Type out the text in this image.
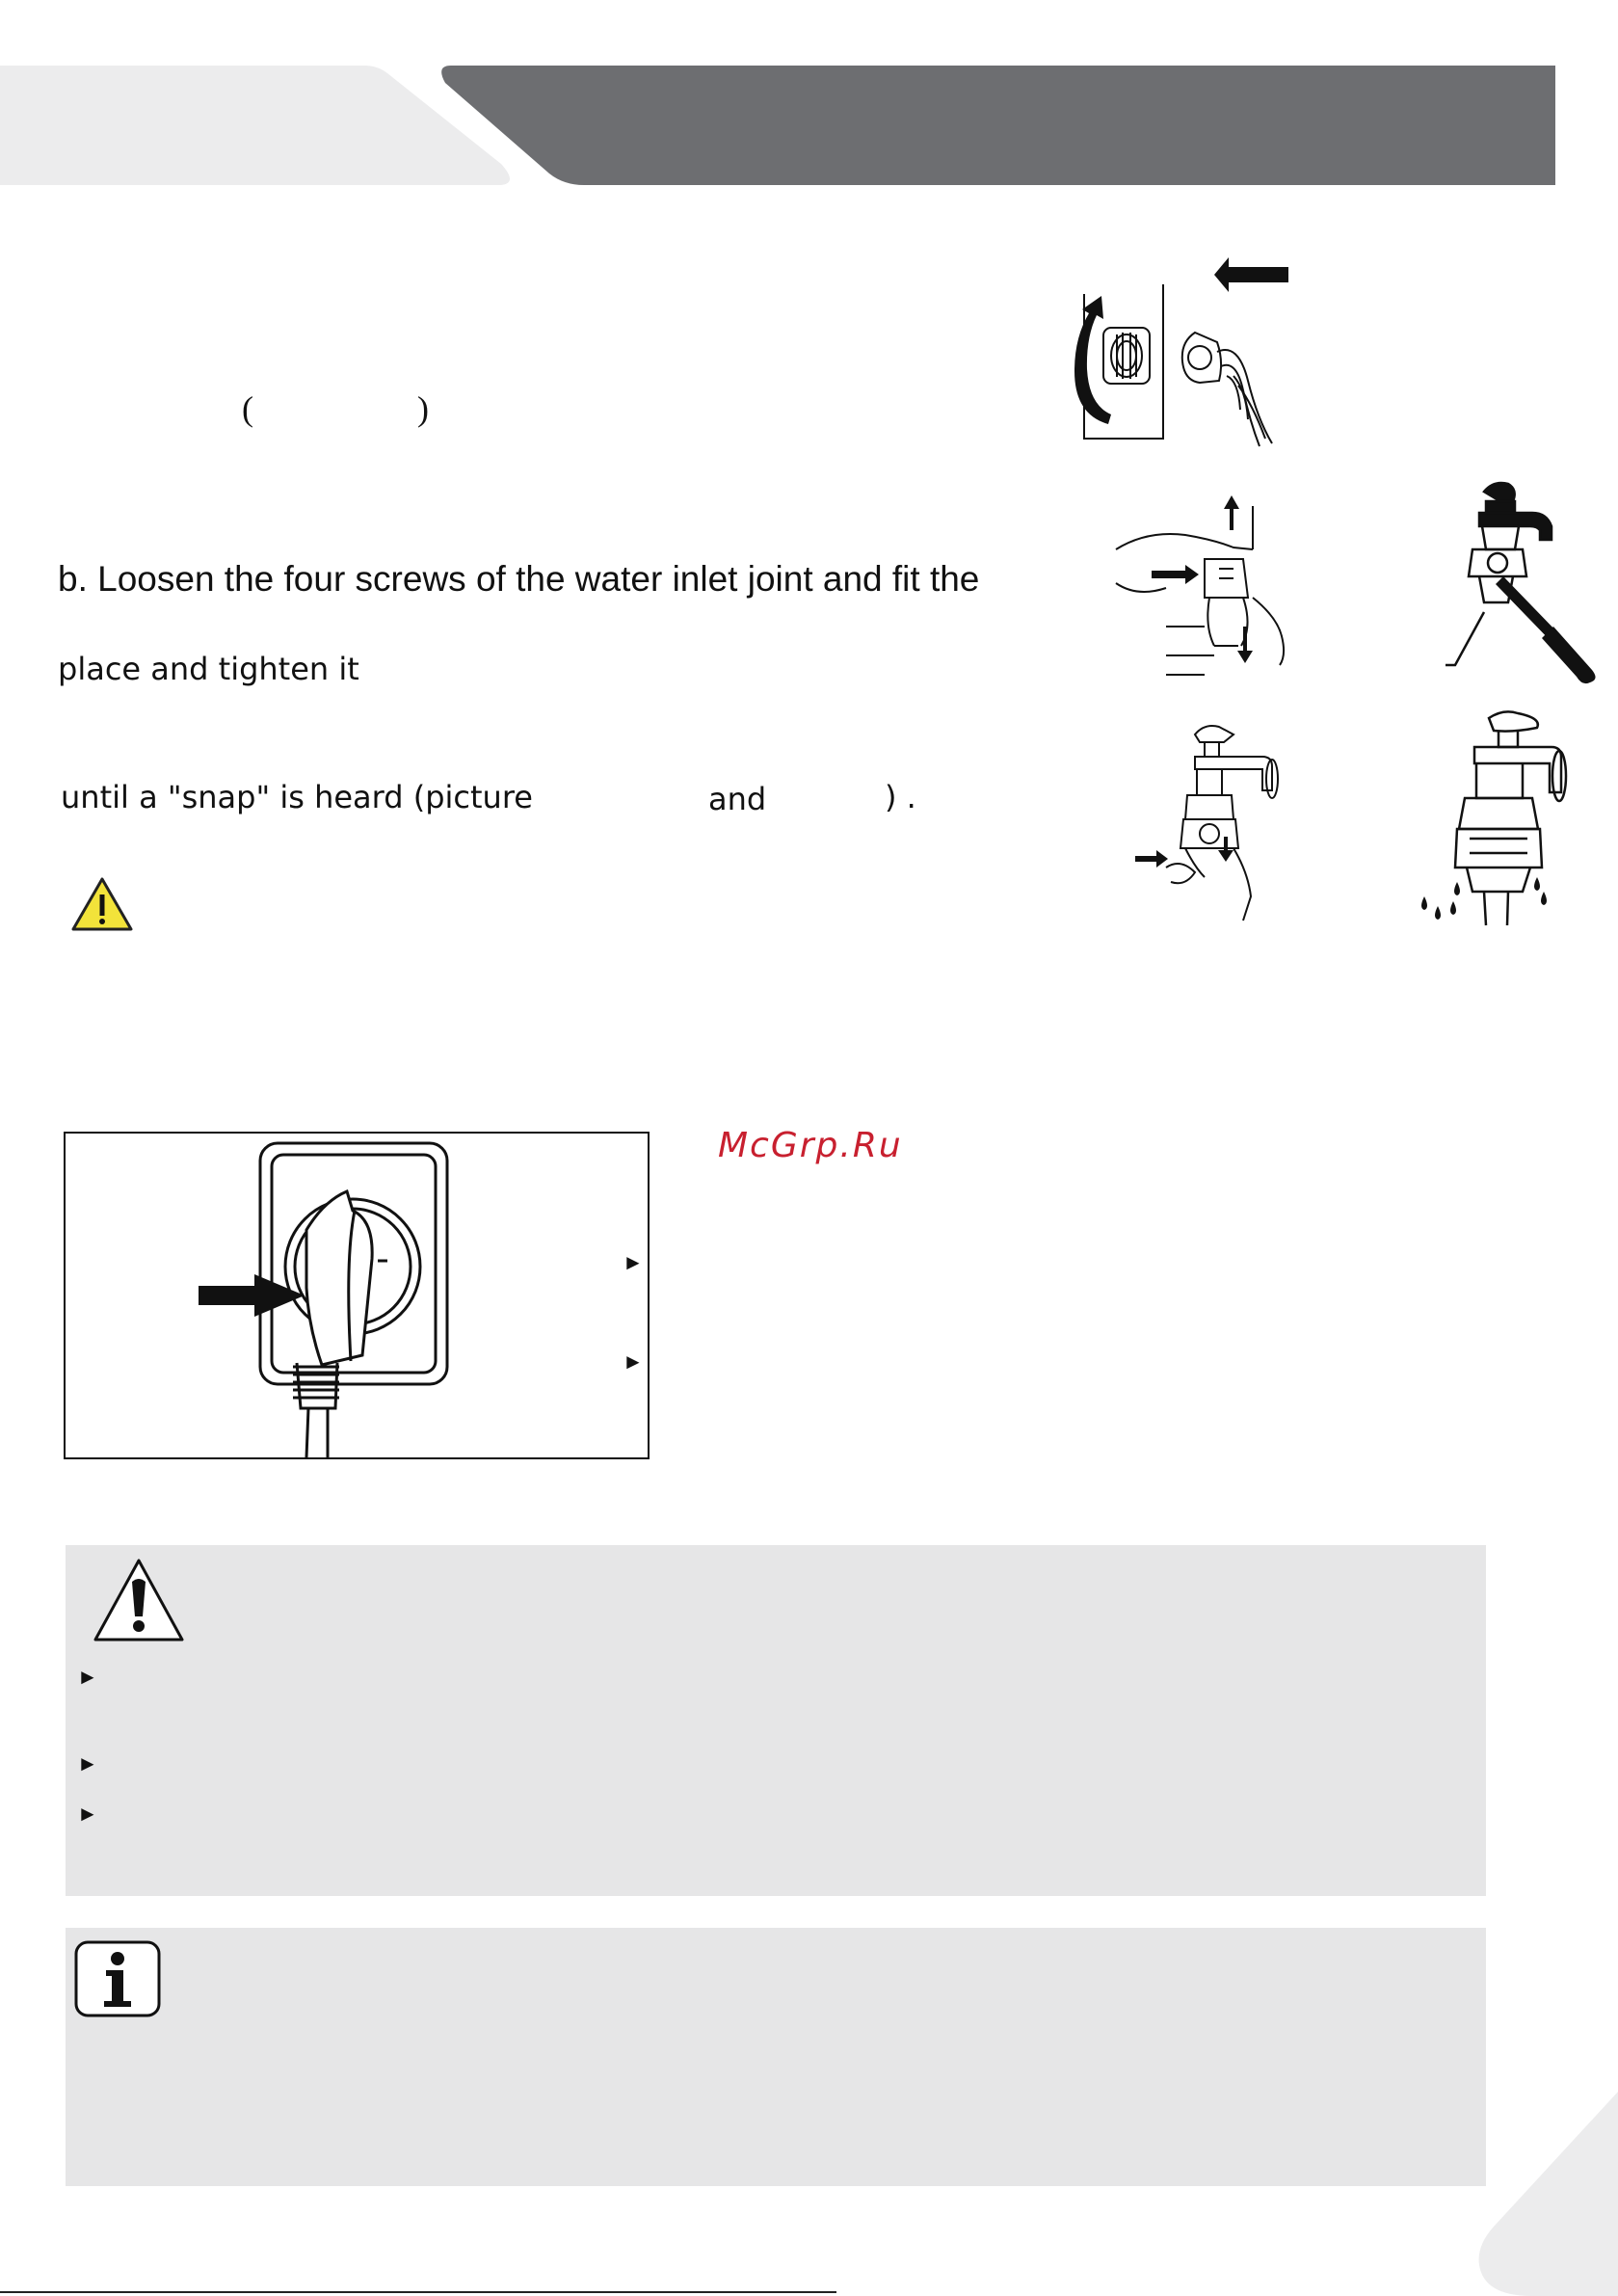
(	)
b. Loosen the four screws of the water inlet joint and fit the
place and tighten it
until a "snap" is heard (picture	and	) .
McGrp.Ru
►
►
►
►
►
